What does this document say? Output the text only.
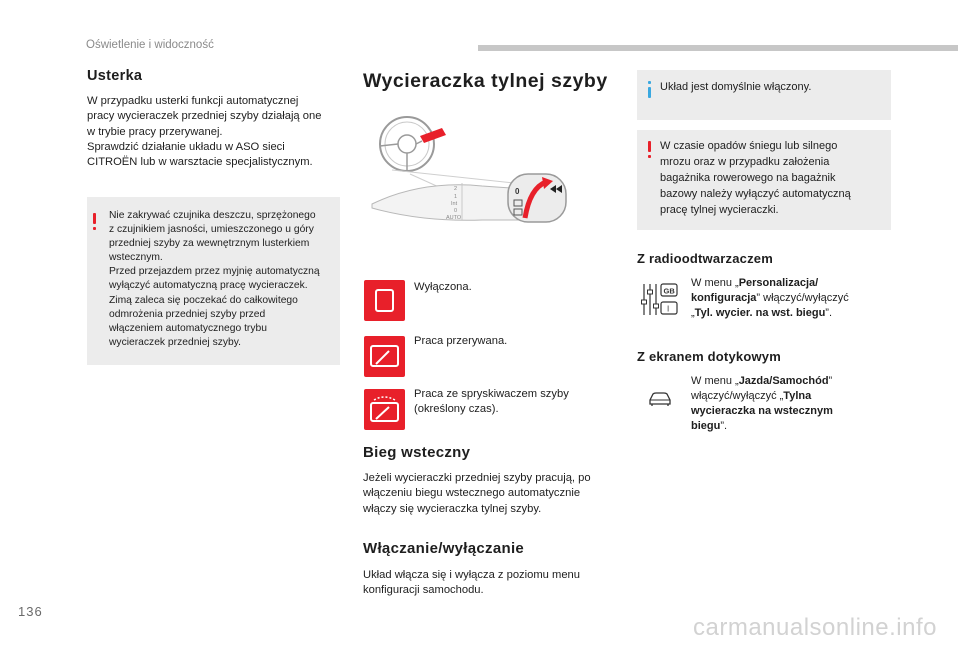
Oświetlenie i widoczność
Usterka
W przypadku usterki funkcji automatycznej
pracy wycieraczek przedniej szyby działają one
w trybie pracy przerywanej.
Sprawdzić działanie układu w ASO sieci
CITROËN lub w warsztacie specjalistycznym.
Nie zakrywać czujnika deszczu, sprzężonego
z czujnikiem jasności, umieszczonego u góry
przedniej szyby za wewnętrznym lusterkiem
wstecznym.
Przed przejazdem przez myjnię automatyczną
wyłączyć automatyczną pracę wycieraczek.
Zimą zaleca się poczekać do całkowitego
odmrożenia przedniej szyby przed
włączeniem automatycznego trybu
wycieraczek przedniej szyby.
Wycieraczka tylnej szyby
2
1
Int
0
AUTO
0
Wyłączona.
Praca przerywana.
Praca ze spryskiwaczem szyby
(określony czas).
Bieg wsteczny
Jeżeli wycieraczki przedniej szyby pracują, po
włączeniu biegu wstecznego automatycznie
włączy się wycieraczka tylnej szyby.
Włączanie/wyłączanie
Układ włącza się i wyłącza z poziomu menu
konfiguracji samochodu.
Układ jest domyślnie włączony.
W czasie opadów śniegu lub silnego
mrozu oraz w przypadku założenia
bagażnika rowerowego na bagażnik
bazowy należy wyłączyć automatyczną
pracę tylnej wycieraczki.
Z radioodtwarzaczem
GB
I
W menu „Personalizacja/
konfiguracja” włączyć/wyłączyć
„Tyl. wycier. na wst. biegu”.
Z ekranem dotykowym
W menu „Jazda/Samochód”
włączyć/wyłączyć „Tylna
wycieraczka na wstecznym
biegu”.
136
carmanualsonline.info
